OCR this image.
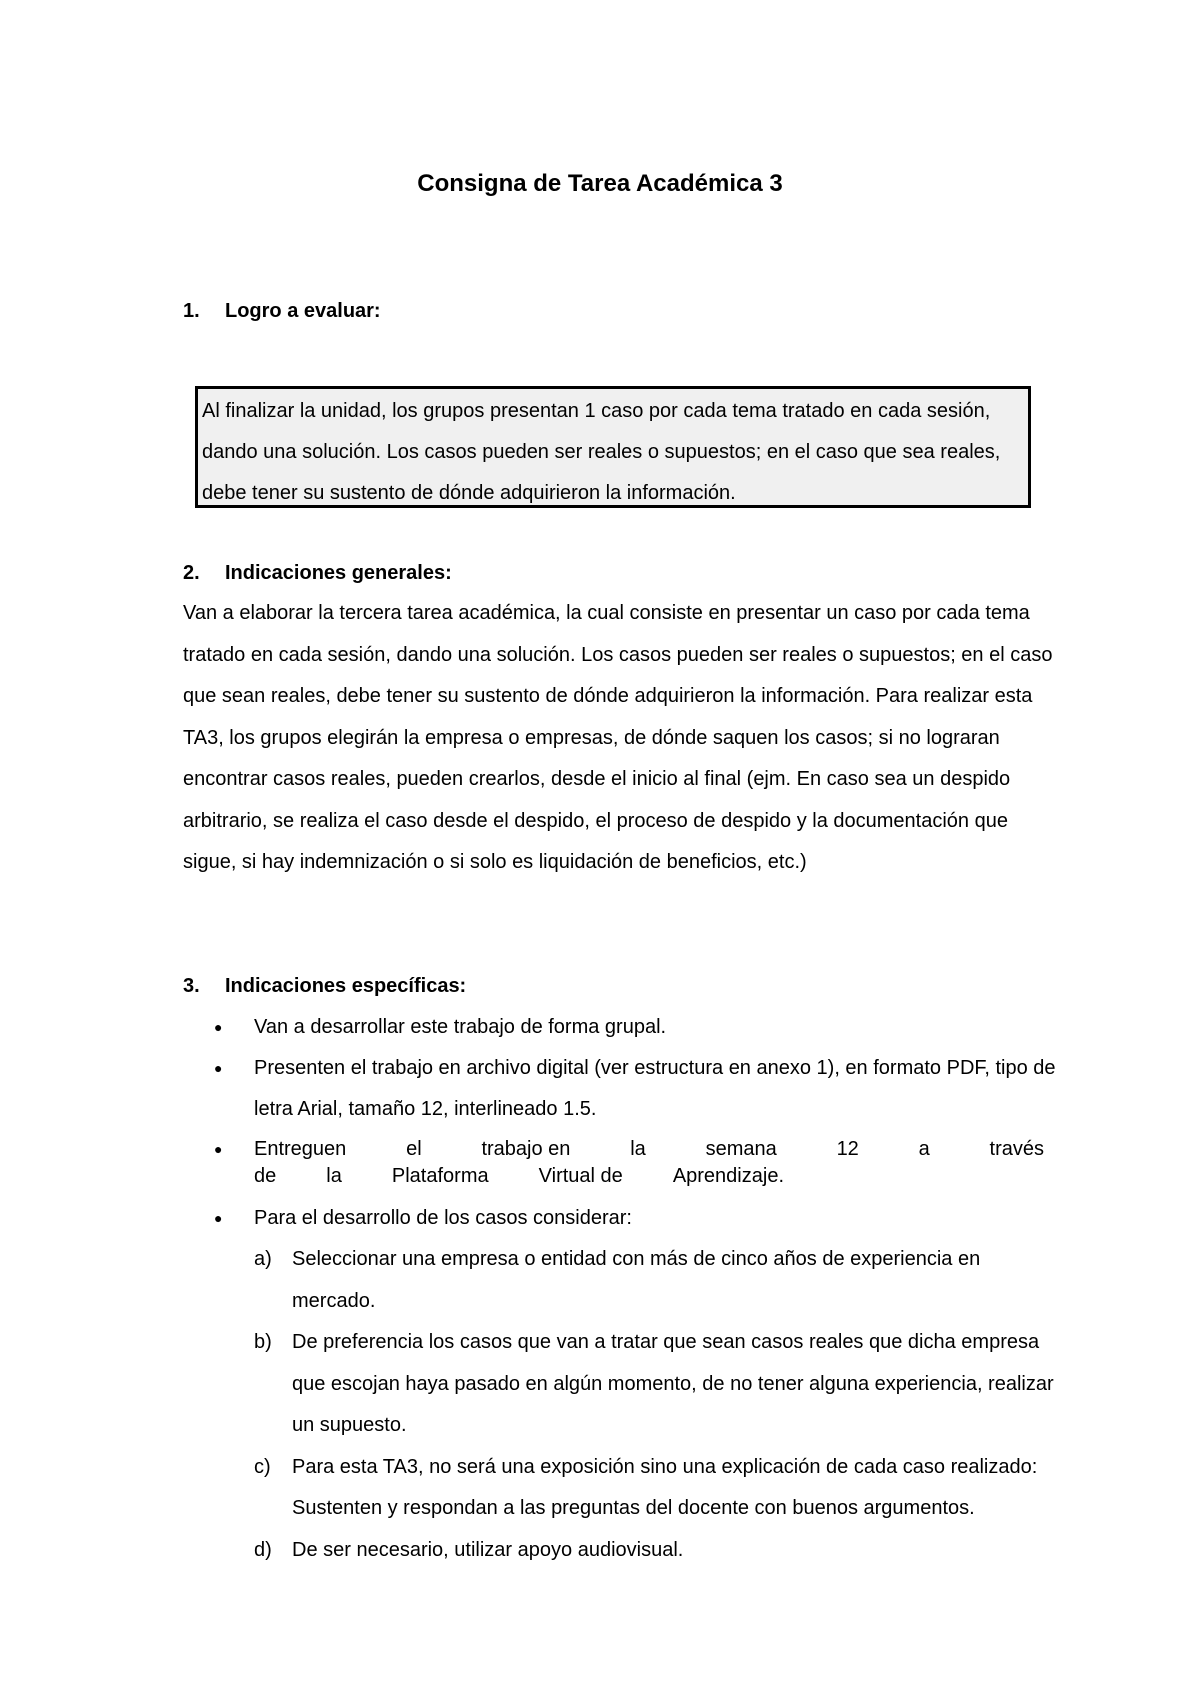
Consigna de Tarea Académica 3
1. Logro a evaluar:
Al finalizar la unidad, los grupos presentan 1 caso por cada tema tratado en cada sesión, dando una solución. Los casos pueden ser reales o supuestos; en el caso que sea reales, debe tener su sustento de dónde adquirieron la información.
2. Indicaciones generales:

Van a elaborar la tercera tarea académica, la cual consiste en presentar un caso por cada tema tratado en cada sesión, dando una solución. Los casos pueden ser reales o supuestos; en el caso que sean reales, debe tener su sustento de dónde adquirieron la información. Para realizar esta TA3, los grupos elegirán la empresa o empresas, de dónde saquen los casos; si no lograran encontrar casos reales, pueden crearlos, desde el inicio al final (ejm. En caso sea un despido arbitrario, se realiza el caso desde el despido, el proceso de despido y la documentación que sigue, si hay indemnización o si solo es liquidación de beneficios, etc.)

3. Indicaciones específicas:
● Van a desarrollar este trabajo de forma grupal.
● Presenten el trabajo en archivo digital (ver estructura en anexo 1), en formato PDF, tipo de letra Arial, tamaño 12, interlineado 1.5.
● Entreguen	el	trabajo en	la	semana	12	a	través
de	la	Plataforma	Virtual de	Aprendizaje.
● Para el desarrollo de los casos considerar:
a) Seleccionar una empresa o entidad con más de cinco años de experiencia en mercado.
b) De preferencia los casos que van a tratar que sean casos reales que dicha empresa que escojan haya pasado en algún momento, de no tener alguna experiencia, realizar un supuesto.
c) Para esta TA3, no será una exposición sino una explicación de cada caso realizado: Sustenten y respondan a las preguntas del docente con buenos argumentos.
d) De ser necesario, utilizar apoyo audiovisual.
